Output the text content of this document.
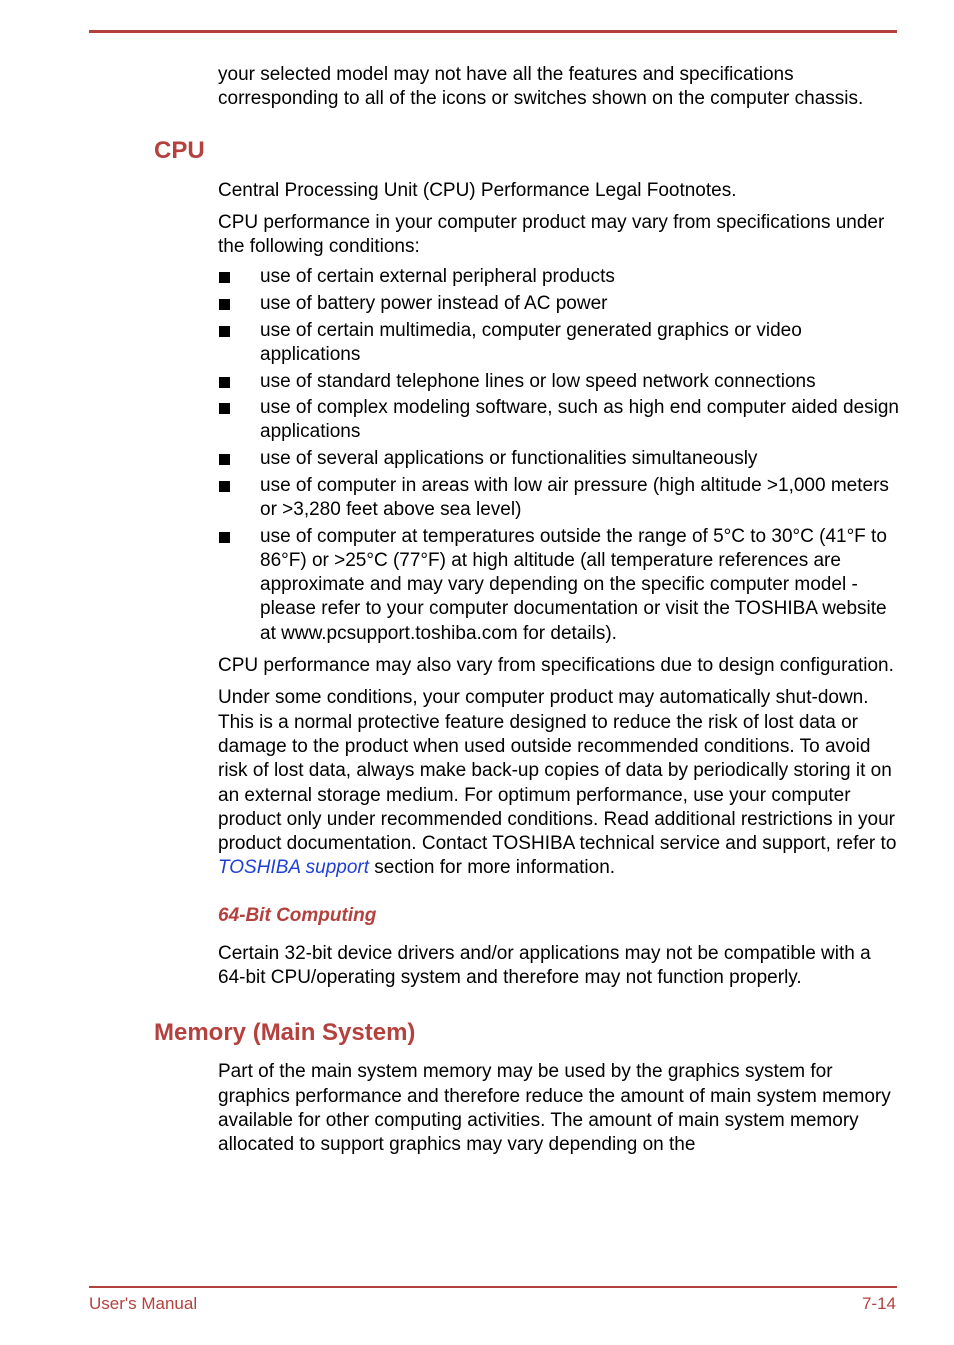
your selected model may not have all the features and specifications corresponding to all of the icons or switches shown on the computer chassis.

CPU

Central Processing Unit (CPU) Performance Legal Footnotes.

CPU performance in your computer product may vary from specifications under the following conditions:

use of certain external peripheral products
use of battery power instead of AC power
use of certain multimedia, computer generated graphics or video applications
use of standard telephone lines or low speed network connections
use of complex modeling software, such as high end computer aided design applications
use of several applications or functionalities simultaneously
use of computer in areas with low air pressure (high altitude >1,000 meters or >3,280 feet above sea level)
use of computer at temperatures outside the range of 5°C to 30°C (41°F to 86°F) or >25°C (77°F) at high altitude (all temperature references are approximate and may vary depending on the specific computer model - please refer to your computer documentation or visit the TOSHIBA website at www.pcsupport.toshiba.com for details).

CPU performance may also vary from specifications due to design configuration.

Under some conditions, your computer product may automatically shut-down. This is a normal protective feature designed to reduce the risk of lost data or damage to the product when used outside recommended conditions. To avoid risk of lost data, always make back-up copies of data by periodically storing it on an external storage medium. For optimum performance, use your computer product only under recommended conditions. Read additional restrictions in your product documentation. Contact TOSHIBA technical service and support, refer to TOSHIBA support section for more information.

64-Bit Computing

Certain 32-bit device drivers and/or applications may not be compatible with a 64-bit CPU/operating system and therefore may not function properly.

Memory (Main System)

Part of the main system memory may be used by the graphics system for graphics performance and therefore reduce the amount of main system memory available for other computing activities. The amount of main system memory allocated to support graphics may vary depending on the

User's Manual	7-14
